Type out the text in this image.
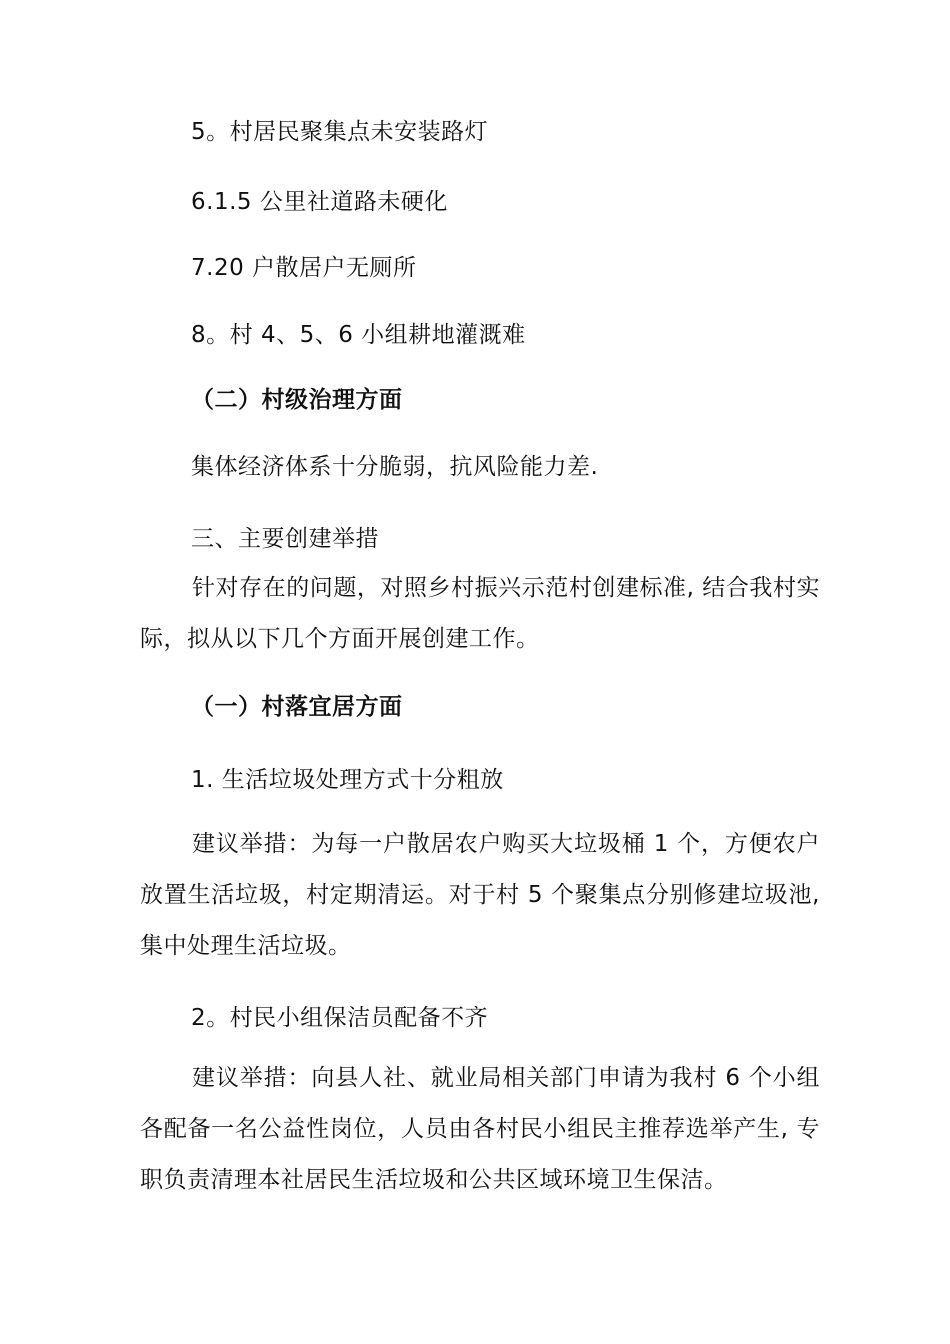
5。村居民聚集点未安装路灯
6.1.5 公里社道路未硬化
7.20 户散居户无厕所
8。村 4、5、6 小组耕地灌溉难
（二）村级治理方面
集体经济体系十分脆弱，抗风险能力差.
三、主要创建举措
针对存在的问题，对照乡村振兴示范村创建标准, 结合我村实际，拟从以下几个方面开展创建工作。
（一）村落宜居方面
1. 生活垃圾处理方式十分粗放
建议举措：为每一户散居农户购买大垃圾桶 1 个，方便农户放置生活垃圾，村定期清运。对于村 5 个聚集点分别修建垃圾池, 集中处理生活垃圾。
2。村民小组保洁员配备不齐
建议举措：向县人社、就业局相关部门申请为我村 6 个小组各配备一名公益性岗位，人员由各村民小组民主推荐选举产生, 专职负责清理本社居民生活垃圾和公共区域环境卫生保洁。
